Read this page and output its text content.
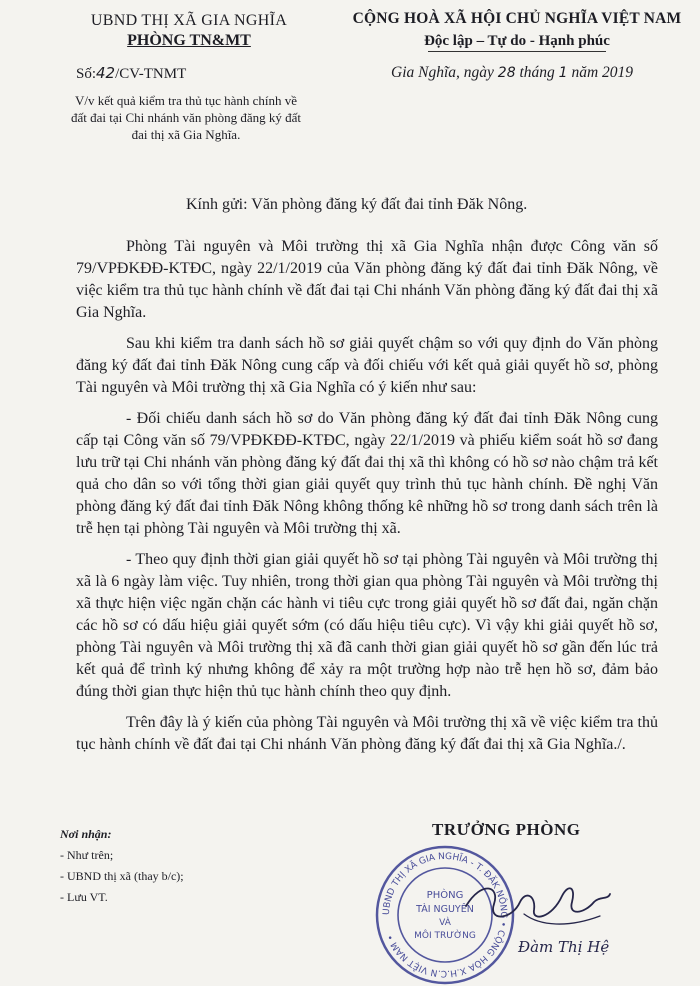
UBND THỊ XÃ GIA NGHĨA
PHÒNG TN&MT
CỘNG HOÀ XÃ HỘI CHỦ NGHĨA VIỆT NAM
Độc lập – Tự do - Hạnh phúc
Số:42/CV-TNMT	Gia Nghĩa, ngày 28 tháng 1 năm 2019
V/v kết quả kiểm tra thủ tục hành chính về đất đai tại Chi nhánh văn phòng đăng ký đất đai thị xã Gia Nghĩa.
Kính gửi: Văn phòng đăng ký đất đai tỉnh Đăk Nông.

Phòng Tài nguyên và Môi trường thị xã Gia Nghĩa nhận được Công văn số 79/VPĐKĐĐ-KTĐC, ngày 22/1/2019 của Văn phòng đăng ký đất đai tỉnh Đăk Nông, về việc kiểm tra thủ tục hành chính về đất đai tại Chi nhánh Văn phòng đăng ký đất đai thị xã Gia Nghĩa.

Sau khi kiểm tra danh sách hồ sơ giải quyết chậm so với quy định do Văn phòng đăng ký đất đai tỉnh Đăk Nông cung cấp và đối chiếu với kết quả giải quyết hồ sơ, phòng Tài nguyên và Môi trường thị xã Gia Nghĩa có ý kiến như sau:

- Đối chiếu danh sách hồ sơ do Văn phòng đăng ký đất đai tỉnh Đăk Nông cung cấp tại Công văn số 79/VPĐKĐĐ-KTĐC, ngày 22/1/2019 và phiếu kiểm soát hồ sơ đang lưu trữ tại Chi nhánh văn phòng đăng ký đất đai thị xã thì không có hồ sơ nào chậm trả kết quả cho dân so với tổng thời gian giải quyết quy trình thủ tục hành chính. Đề nghị Văn phòng đăng ký đất đai tỉnh Đăk Nông không thống kê những hồ sơ trong danh sách trên là trễ hẹn tại phòng Tài nguyên và Môi trường thị xã.

- Theo quy định thời gian giải quyết hồ sơ tại phòng Tài nguyên và Môi trường thị xã là 6 ngày làm việc. Tuy nhiên, trong thời gian qua phòng Tài nguyên và Môi trường thị xã thực hiện việc ngăn chặn các hành vi tiêu cực trong giải quyết hồ sơ đất đai, ngăn chặn các hồ sơ có dấu hiệu giải quyết sớm (có dấu hiệu tiêu cực). Vì vậy khi giải quyết hồ sơ, phòng Tài nguyên và Môi trường thị xã đã canh thời gian giải quyết hồ sơ gần đến lúc trả kết quả để trình ký nhưng không để xảy ra một trường hợp nào trễ hẹn hồ sơ, đảm bảo đúng thời gian thực hiện thủ tục hành chính theo quy định.

Trên đây là ý kiến của phòng Tài nguyên và Môi trường thị xã về việc kiểm tra thủ tục hành chính về đất đai tại Chi nhánh Văn phòng đăng ký đất đai thị xã Gia Nghĩa./.

Nơi nhận:
- Như trên;
- UBND thị xã (thay b/c);
- Lưu VT.
TRƯỞNG PHÒNG
UBND THỊ XÃ GIA NGHĨA - T. ĐĂK NÔNG • CỘNG HÒA X.H.C.N VIỆT NAM •
PHÒNG
TÀI NGUYÊN
VÀ
MÔI TRƯỜNG
Đàm Thị Hệ
